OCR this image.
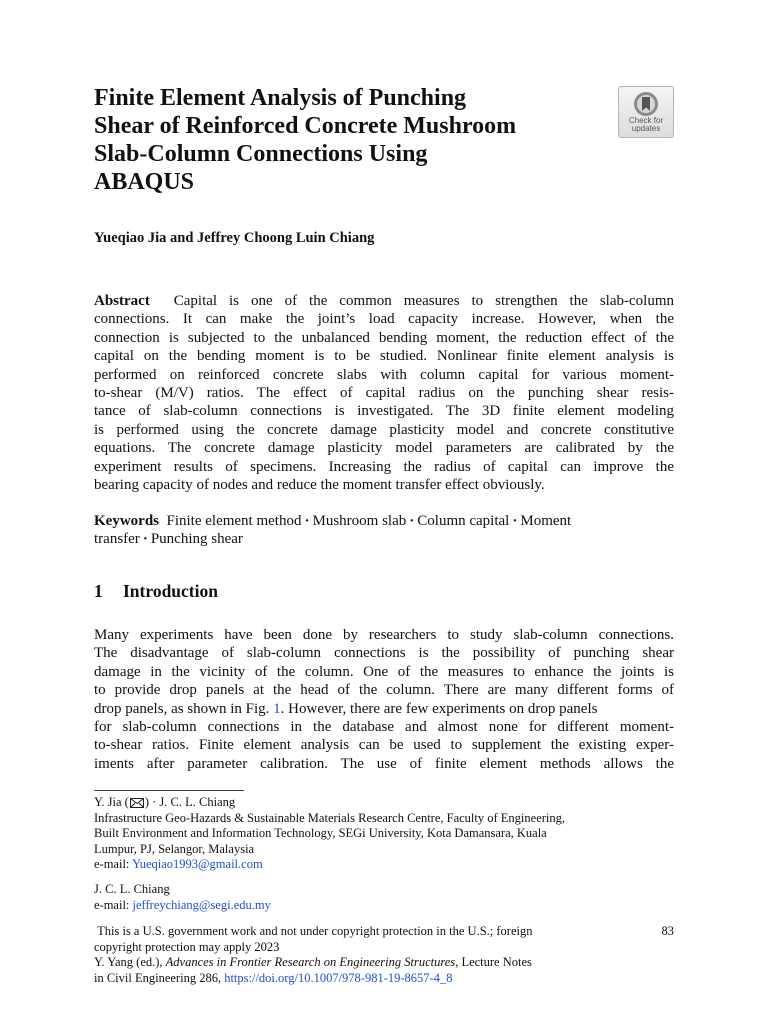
Finite Element Analysis of Punching
Shear of Reinforced Concrete Mushroom
Slab-Column Connections Using
ABAQUS
Check for
updates
Yueqiao Jia and Jeffrey Choong Luin Chiang
Abstract Capital is one of the common measures to strengthen the slab-column
connections. It can make the joint’s load capacity increase. However, when the
connection is subjected to the unbalanced bending moment, the reduction effect of the
capital on the bending moment is to be studied. Nonlinear finite element analysis is
performed on reinforced concrete slabs with column capital for various moment-
to-shear (M/V) ratios. The effect of capital radius on the punching shear resis-
tance of slab-column connections is investigated. The 3D finite element modeling
is performed using the concrete damage plasticity model and concrete constitutive
equations. The concrete damage plasticity model parameters are calibrated by the
experiment results of specimens. Increasing the radius of capital can improve the
bearing capacity of nodes and reduce the moment transfer effect obviously.
Keywords Finite element method · Mushroom slab · Column capital · Moment
transfer · Punching shear
1 Introduction
Many experiments have been done by researchers to study slab-column connections.
The disadvantage of slab-column connections is the possibility of punching shear
damage in the vicinity of the column. One of the measures to enhance the joints is
to provide drop panels at the head of the column. There are many different forms of
drop panels, as shown in Fig. 1. However, there are few experiments on drop panels
for slab-column connections in the database and almost none for different moment-
to-shear ratios. Finite element analysis can be used to supplement the existing exper-
iments after parameter calibration. The use of finite element methods allows the
Y. Jia ( ) · J. C. L. Chiang
Infrastructure Geo-Hazards & Sustainable Materials Research Centre, Faculty of Engineering,
Built Environment and Information Technology, SEGi University, Kota Damansara, Kuala
Lumpur, PJ, Selangor, Malaysia
e-mail: Yueqiao1993@gmail.com
J. C. L. Chiang
e-mail: jeffreychiang@segi.edu.my
This is a U.S. government work and not under copyright protection in the U.S.; foreign
copyright protection may apply 2023
Y. Yang (ed.), Advances in Frontier Research on Engineering Structures, Lecture Notes
in Civil Engineering 286, https://doi.org/10.1007/978-981-19-8657-4_8
83
